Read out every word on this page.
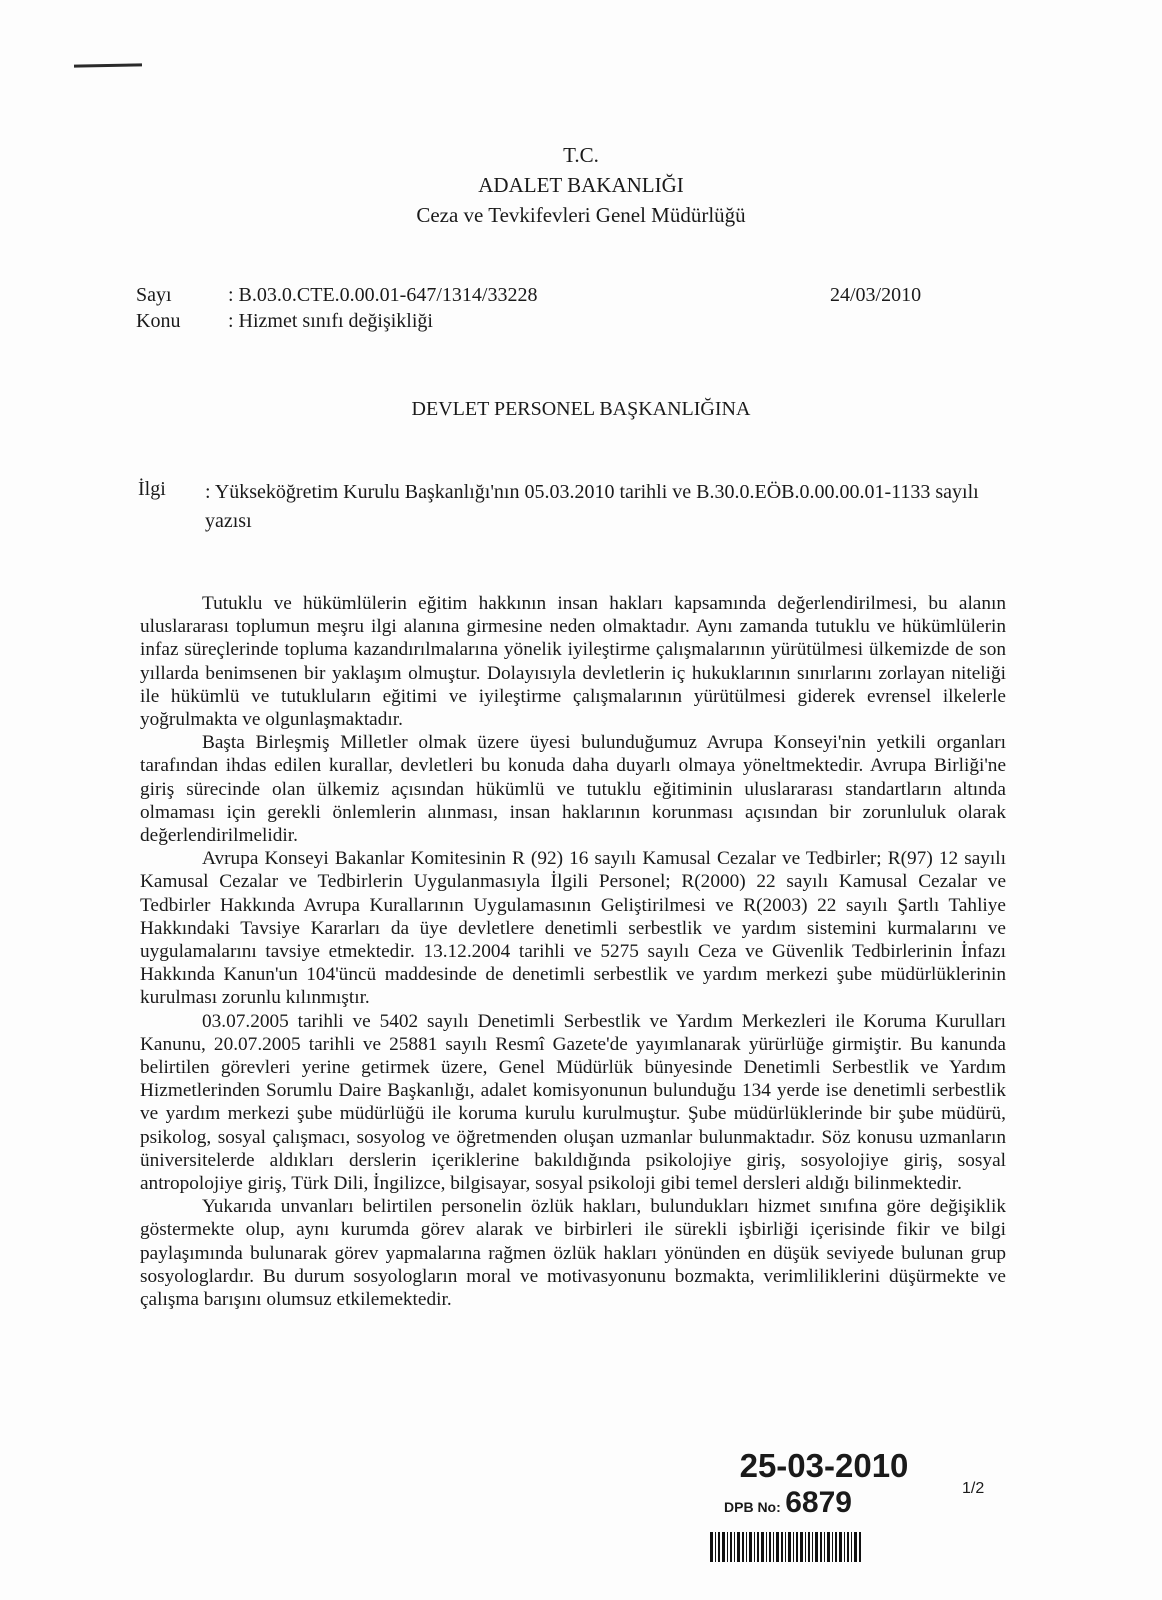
T.C.
ADALET BAKANLIĞI
Ceza ve Tevkifevleri Genel Müdürlüğü
Sayı	: B.03.0.CTE.0.00.01-647/1314/33228
Konu : Hizmet sınıfı değişikliği
24/03/2010
DEVLET PERSONEL BAŞKANLIĞINA
İlgi : Yükseköğretim Kurulu Başkanlığı'nın 05.03.2010 tarihli ve B.30.0.EÖB.0.00.00.01-1133 sayılı yazısı

Tutuklu ve hükümlülerin eğitim hakkının insan hakları kapsamında değerlendirilmesi, bu alanın uluslararası toplumun meşru ilgi alanına girmesine neden olmaktadır. Aynı zamanda tutuklu ve hükümlülerin infaz süreçlerinde topluma kazandırılmalarına yönelik iyileştirme çalışmalarının yürütülmesi ülkemizde de son yıllarda benimsenen bir yaklaşım olmuştur. Dolayısıyla devletlerin iç hukuklarının sınırlarını zorlayan niteliği ile hükümlü ve tutukluların eğitimi ve iyileştirme çalışmalarının yürütülmesi giderek evrensel ilkelerle yoğrulmakta ve olgunlaşmaktadır.

Başta Birleşmiş Milletler olmak üzere üyesi bulunduğumuz Avrupa Konseyi'nin yetkili organları tarafından ihdas edilen kurallar, devletleri bu konuda daha duyarlı olmaya yöneltmektedir. Avrupa Birliği'ne giriş sürecinde olan ülkemiz açısından hükümlü ve tutuklu eğitiminin uluslararası standartların altında olmaması için gerekli önlemlerin alınması, insan haklarının korunması açısından bir zorunluluk olarak değerlendirilmelidir.

Avrupa Konseyi Bakanlar Komitesinin R (92) 16 sayılı Kamusal Cezalar ve Tedbirler; R(97) 12 sayılı Kamusal Cezalar ve Tedbirlerin Uygulanmasıyla İlgili Personel; R(2000) 22 sayılı Kamusal Cezalar ve Tedbirler Hakkında Avrupa Kurallarının Uygulamasının Geliştirilmesi ve R(2003) 22 sayılı Şartlı Tahliye Hakkındaki Tavsiye Kararları da üye devletlere denetimli serbestlik ve yardım sistemini kurmalarını ve uygulamalarını tavsiye etmektedir. 13.12.2004 tarihli ve 5275 sayılı Ceza ve Güvenlik Tedbirlerinin İnfazı Hakkında Kanun'un 104'üncü maddesinde de denetimli serbestlik ve yardım merkezi şube müdürlüklerinin kurulması zorunlu kılınmıştır.

03.07.2005 tarihli ve 5402 sayılı Denetimli Serbestlik ve Yardım Merkezleri ile Koruma Kurulları Kanunu, 20.07.2005 tarihli ve 25881 sayılı Resmî Gazete'de yayımlanarak yürürlüğe girmiştir. Bu kanunda belirtilen görevleri yerine getirmek üzere, Genel Müdürlük bünyesinde Denetimli Serbestlik ve Yardım Hizmetlerinden Sorumlu Daire Başkanlığı, adalet komisyonunun bulunduğu 134 yerde ise denetimli serbestlik ve yardım merkezi şube müdürlüğü ile koruma kurulu kurulmuştur. Şube müdürlüklerinde bir şube müdürü, psikolog, sosyal çalışmacı, sosyolog ve öğretmenden oluşan uzmanlar bulunmaktadır. Söz konusu uzmanların üniversitelerde aldıkları derslerin içeriklerine bakıldığında psikolojiye giriş, sosyolojiye giriş, sosyal antropolojiye giriş, Türk Dili, İngilizce, bilgisayar, sosyal psikoloji gibi temel dersleri aldığı bilinmektedir.

Yukarıda unvanları belirtilen personelin özlük hakları, bulundukları hizmet sınıfına göre değişiklik göstermekte olup, aynı kurumda görev alarak ve birbirleri ile sürekli işbirliği içerisinde fikir ve bilgi paylaşımında bulunarak görev yapmalarına rağmen özlük hakları yönünden en düşük seviyede bulunan grup sosyologlardır. Bu durum sosyologların moral ve motivasyonunu bozmakta, verimliliklerini düşürmekte ve çalışma barışını olumsuz etkilemektedir.

25-03-2010
DPB No: 6879	1/2
